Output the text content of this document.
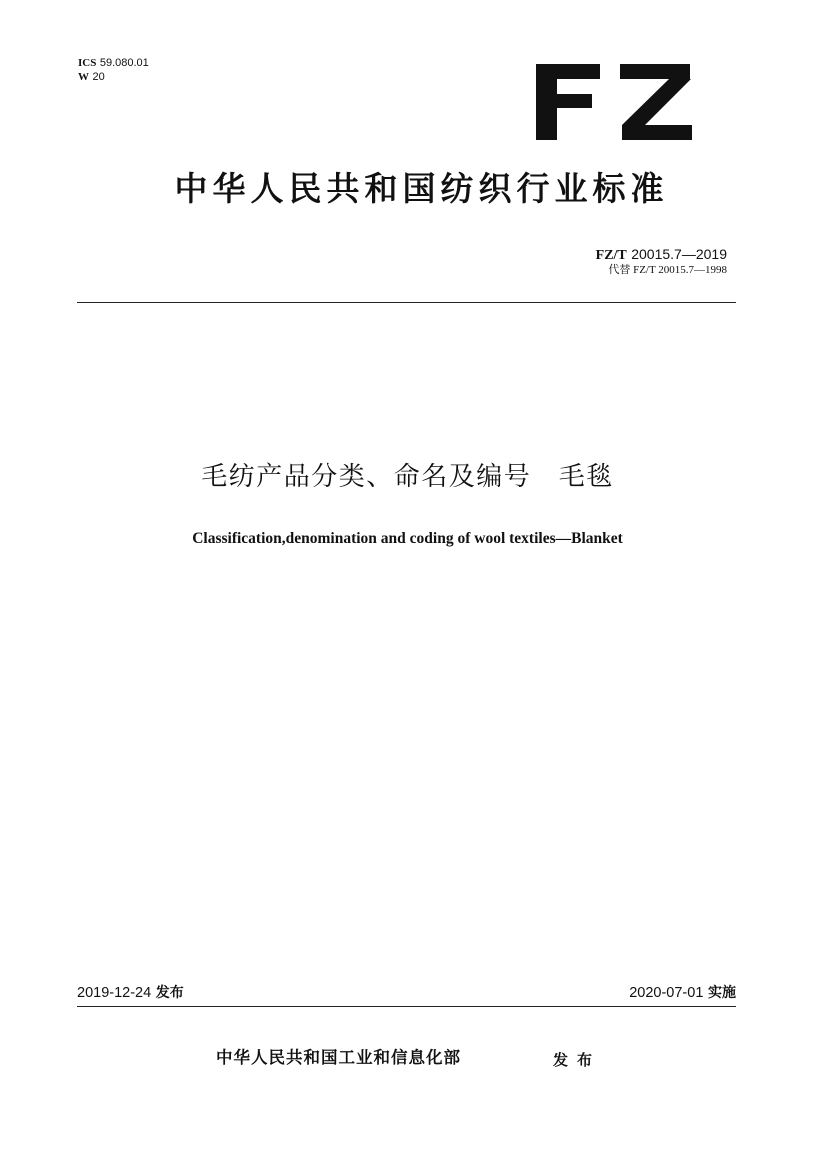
ICS 59.080.01
W 20
中华人民共和国纺织行业标准
FZ/T 20015.7—2019
代替 FZ/T 20015.7—1998
毛纺产品分类、命名及编号　毛毯
Classification,denomination and coding of wool textiles—Blanket
2019-12-24 发布	2020-07-01 实施
中华人民共和国工业和信息化部	发布
